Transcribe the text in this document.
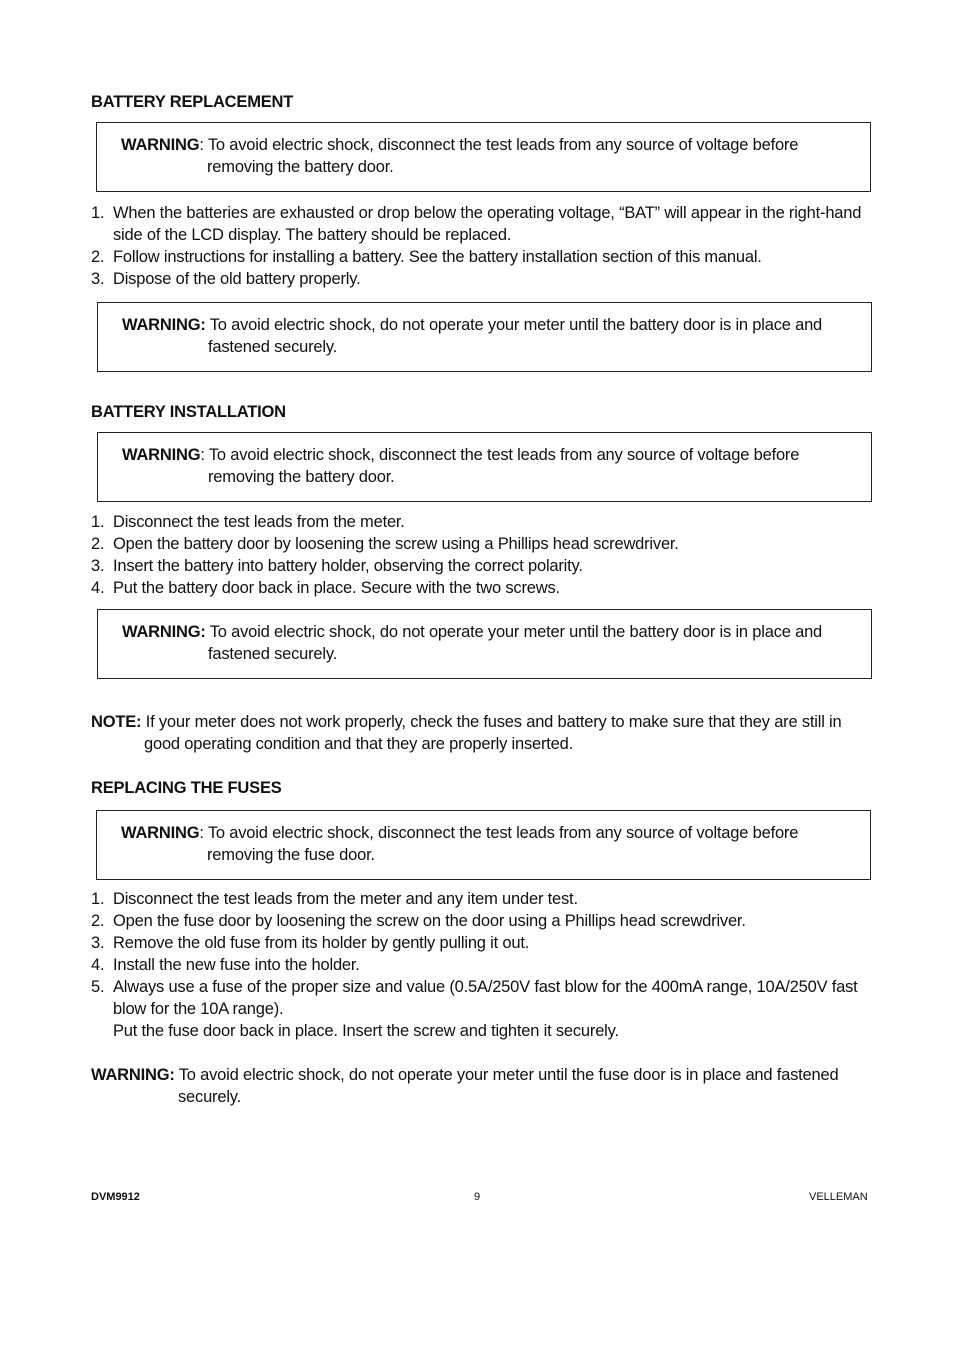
BATTERY REPLACEMENT
WARNING: To avoid electric shock, disconnect the test leads from any source of voltage before
removing the battery door.
1. When the batteries are exhausted or drop below the operating voltage, “BAT” will appear in the right-hand side of the LCD display. The battery should be replaced.
2. Follow instructions for installing a battery. See the battery installation section of this manual.
3. Dispose of the old battery properly.
WARNING: To avoid electric shock, do not operate your meter until the battery door is in place and
fastened securely.
BATTERY INSTALLATION
WARNING: To avoid electric shock, disconnect the test leads from any source of voltage before
removing the battery door.
1. Disconnect the test leads from the meter.
2. Open the battery door by loosening the screw using a Phillips head screwdriver.
3. Insert the battery into battery holder, observing the correct polarity.
4. Put the battery door back in place. Secure with the two screws.
WARNING: To avoid electric shock, do not operate your meter until the battery door is in place and
fastened securely.
NOTE: If your meter does not work properly, check the fuses and battery to make sure that they are still in
good operating condition and that they are properly inserted.
REPLACING THE FUSES
WARNING: To avoid electric shock, disconnect the test leads from any source of voltage before
removing the fuse door.
1. Disconnect the test leads from the meter and any item under test.
2. Open the fuse door by loosening the screw on the door using a Phillips head screwdriver.
3. Remove the old fuse from its holder by gently pulling it out.
4. Install the new fuse into the holder.
5. Always use a fuse of the proper size and value (0.5A/250V fast blow for the 400mA range, 10A/250V fast blow for the 10A range).
Put the fuse door back in place. Insert the screw and tighten it securely.
WARNING: To avoid electric shock, do not operate your meter until the fuse door is in place and fastened
securely.
DVM9912	9	VELLEMAN
